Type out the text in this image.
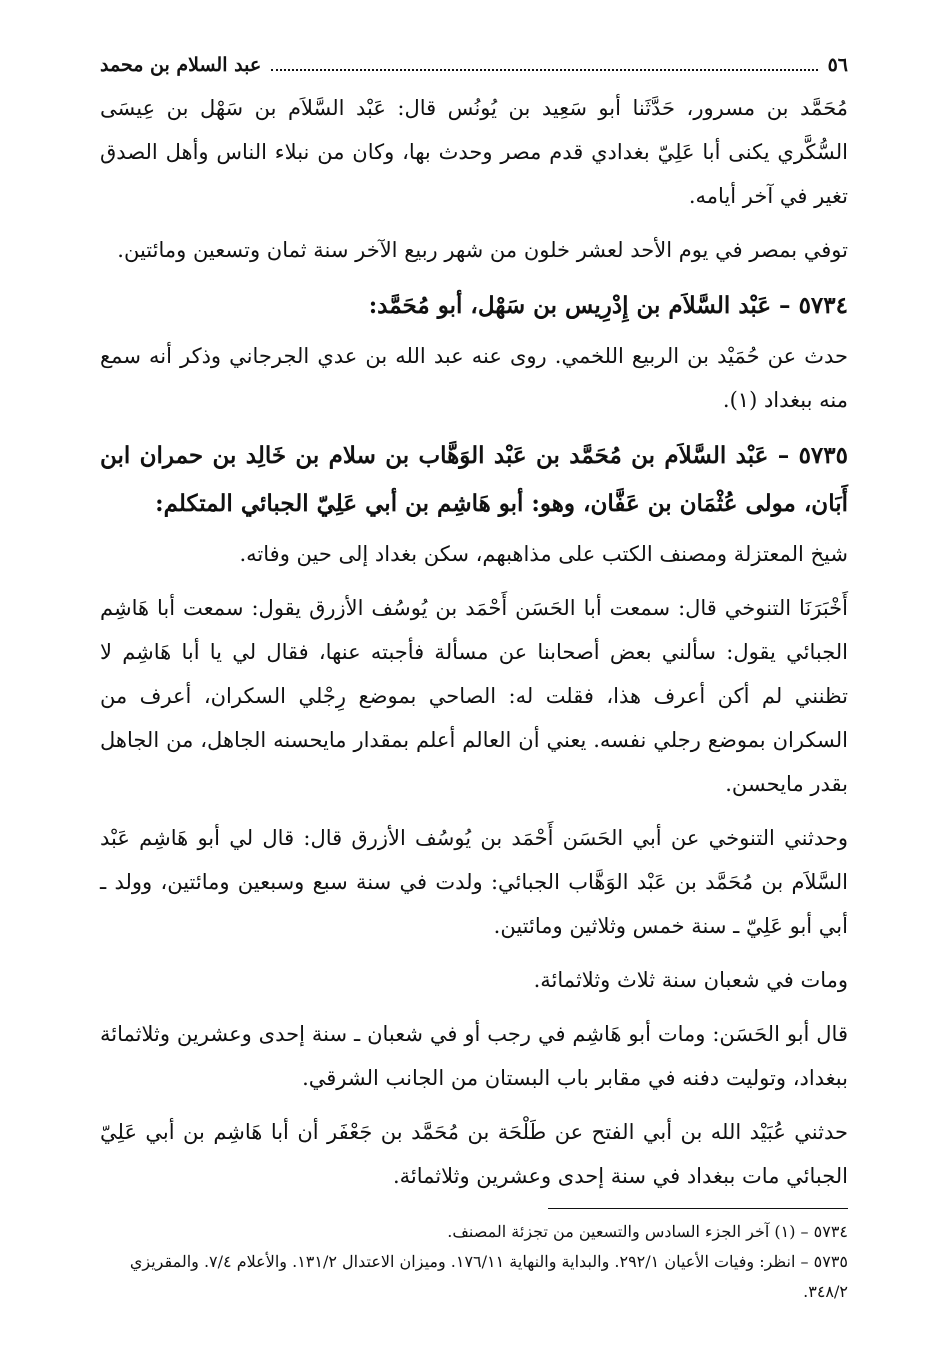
٥٦
عبد السلام بن محمد

مُحَمَّد بن مسرور، حَدَّثَنا أبو سَعِيد بن يُونُس قال: عَبْد السَّلاَم بن سَهْل بن عِيسَى السُّكَّري يكنى أبا عَلِيّ بغدادي قدم مصر وحدث بها، وكان من نبلاء الناس وأهل الصدق تغير في آخر أيامه.

توفي بمصر في يوم الأحد لعشر خلون من شهر ربيع الآخر سنة ثمان وتسعين ومائتين.

٥٧٣٤ – عَبْد السَّلاَم بن إِدْرِيس بن سَهْل، أبو مُحَمَّد:

حدث عن حُمَيْد بن الربيع اللخمي. روى عنه عبد الله بن عدي الجرجاني وذكر أنه سمع منه ببغداد (١).

٥٧٣٥ – عَبْد السَّلاَم بن مُحَمَّد بن عَبْد الوَهَّاب بن سلام بن خَالِد بن حمران ابن أَبَان، مولى عُثْمَان بن عَفَّان، وهو: أبو هَاشِم بن أبي عَلِيّ الجبائي المتكلم:

شيخ المعتزلة ومصنف الكتب على مذاهبهم، سكن بغداد إلى حين وفاته.

أَخْبَرَنَا التنوخي قال: سمعت أبا الحَسَن أَحْمَد بن يُوسُف الأزرق يقول: سمعت أبا هَاشِم الجبائي يقول: سألني بعض أصحابنا عن مسألة فأجبته عنها، فقال لي يا أبا هَاشِم لا تظنني لم أكن أعرف هذا، فقلت له: الصاحي بموضع رِجْلي السكران، أعرف من السكران بموضع رجلي نفسه. يعني أن العالم أعلم بمقدار مايحسنه الجاهل، من الجاهل بقدر مايحسن.

وحدثني التنوخي عن أبي الحَسَن أَحْمَد بن يُوسُف الأزرق قال: قال لي أبو هَاشِم عَبْد السَّلاَم بن مُحَمَّد بن عَبْد الوَهَّاب الجبائي: ولدت في سنة سبع وسبعين ومائتين، وولد ـ أبي أبو عَلِيّ ـ سنة خمس وثلاثين ومائتين.

ومات في شعبان سنة ثلاث وثلاثمائة.

قال أبو الحَسَن: ومات أبو هَاشِم في رجب أو في شعبان ـ سنة إحدى وعشرين وثلاثمائة ببغداد، وتوليت دفنه في مقابر باب البستان من الجانب الشرقي.

حدثني عُبَيْد الله بن أبي الفتح عن طَلْحَة بن مُحَمَّد بن جَعْفَر أن أبا هَاشِم بن أبي عَلِيّ الجبائي مات ببغداد في سنة إحدى وعشرين وثلاثمائة.

٥٧٣٤ – (١) آخر الجزء السادس والتسعين من تجزئة المصنف.

٥٧٣٥ – انظر: وفيات الأعيان ٢٩٢/١. والبداية والنهاية ١٧٦/١١. وميزان الاعتدال ١٣١/٢. والأعلام ٧/٤. والمقريزي ٣٤٨/٢.
